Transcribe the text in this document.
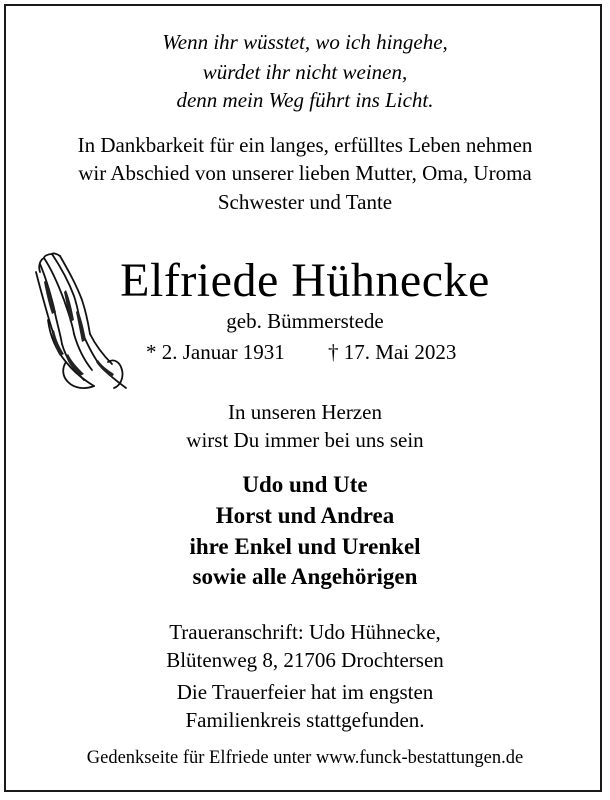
Wenn ihr wüsstet, wo ich hingehe,
würdet ihr nicht weinen,
denn mein Weg führt ins Licht.
In Dankbarkeit für ein langes, erfülltes Leben nehmen
wir Abschied von unserer lieben Mutter, Oma, Uroma
Schwester und Tante
Elfriede Hühnecke
geb. Bümmerstede
* 2. Januar 1931 † 17. Mai 2023
In unseren Herzen
wirst Du immer bei uns sein
Udo und Ute
Horst und Andrea
ihre Enkel und Urenkel
sowie alle Angehörigen
Traueranschrift: Udo Hühnecke,
Blütenweg 8, 21706 Drochtersen
Die Trauerfeier hat im engsten
Familienkreis stattgefunden.
Gedenkseite für Elfriede unter www.funck-bestattungen.de
